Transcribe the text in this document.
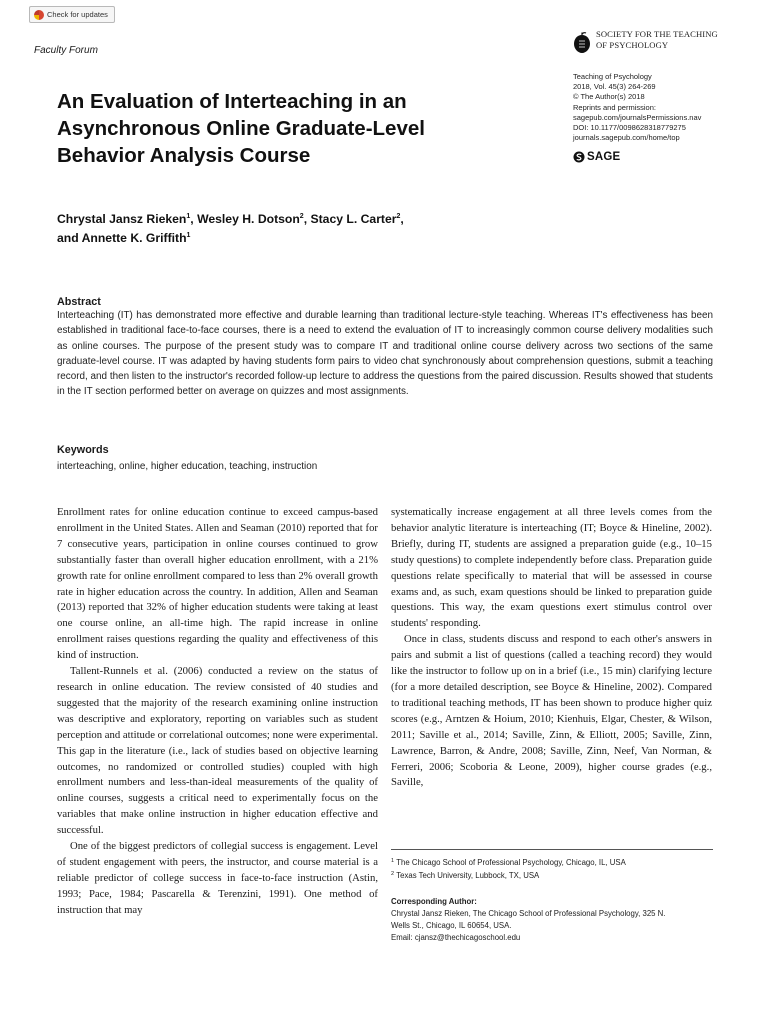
Check for updates
Faculty Forum
SOCIETY FOR THE TEACHING
OF PSYCHOLOGY
Teaching of Psychology
2018, Vol. 45(3) 264-269
© The Author(s) 2018
Reprints and permission:
sagepub.com/journalsPermissions.nav
DOI: 10.1177/0098628318779275
journals.sagepub.com/home/top
SAGE
An Evaluation of Interteaching in an
Asynchronous Online Graduate-Level
Behavior Analysis Course
Chrystal Jansz Rieken$^1$, Wesley H. Dotson$^2$, Stacy L. Carter$^2$,
and Annette K. Griffith$^1$
Abstract
Interteaching (IT) has demonstrated more effective and durable learning than traditional lecture-style teaching. Whereas IT's effectiveness has been established in traditional face-to-face courses, there is a need to extend the evaluation of IT to increasingly common course delivery modalities such as online courses. The purpose of the present study was to compare IT and traditional online course delivery across two sections of the same graduate-level course. IT was adapted by having students form pairs to video chat synchronously about comprehension questions, submit a teaching record, and then listen to the instructor's recorded follow-up lecture to address the questions from the paired discussion. Results showed that students in the IT section performed better on average on quizzes and most assignments.
Keywords
interteaching, online, higher education, teaching, instruction

Enrollment rates for online education continue to exceed campus-based enrollment in the United States. Allen and Seaman (2010) reported that for 7 consecutive years, participation in online courses continued to grow substantially faster than overall higher education enrollment, with a 21% growth rate for online enrollment compared to less than 2% overall growth rate in higher education across the country. In addition, Allen and Seaman (2013) reported that 32% of higher education students were taking at least one course online, an all-time high. The rapid increase in online enrollment raises questions regarding the quality and effectiveness of this kind of instruction.

Tallent-Runnels et al. (2006) conducted a review on the status of research in online education. The review consisted of 40 studies and suggested that the majority of the research examining online instruction was descriptive and exploratory, reporting on variables such as student perception and attitude or correlational outcomes; none were experimental. This gap in the literature (i.e., lack of studies based on objective learning outcomes, no randomized or controlled studies) coupled with high enrollment numbers and less-than-ideal measurements of the quality of online courses, suggests a critical need to experimentally focus on the variables that make online instruction in higher education effective and successful.

One of the biggest predictors of collegial success is engagement. Level of student engagement with peers, the instructor, and course material is a reliable predictor of college success in face-to-face instruction (Astin, 1993; Pace, 1984; Pascarella & Terenzini, 1991). One method of instruction that may

systematically increase engagement at all three levels comes from the behavior analytic literature is interteaching (IT; Boyce & Hineline, 2002). Briefly, during IT, students are assigned a preparation guide (e.g., 10–15 study questions) to complete independently before class. Preparation guide questions relate specifically to material that will be assessed in course exams and, as such, exam questions should be linked to preparation guide questions. This way, the exam questions exert stimulus control over students' responding.

Once in class, students discuss and respond to each other's answers in pairs and submit a list of questions (called a teaching record) they would like the instructor to follow up on in a brief (i.e., 15 min) clarifying lecture (for a more detailed description, see Boyce & Hineline, 2002). Compared to traditional teaching methods, IT has been shown to produce higher quiz scores (e.g., Arntzen & Hoium, 2010; Kienhuis, Elgar, Chester, & Wilson, 2011; Saville et al., 2014; Saville, Zinn, & Elliott, 2005; Saville, Zinn, Lawrence, Barron, & Andre, 2008; Saville, Zinn, Neef, Van Norman, & Ferreri, 2006; Scoboria & Leone, 2009), higher course grades (e.g., Saville,

$^1$ The Chicago School of Professional Psychology, Chicago, IL, USA
$^2$ Texas Tech University, Lubbock, TX, USA
Corresponding Author:
Chrystal Jansz Rieken, The Chicago School of Professional Psychology, 325 N.
Wells St., Chicago, IL 60654, USA.
Email: cjansz@thechicagoschool.edu
